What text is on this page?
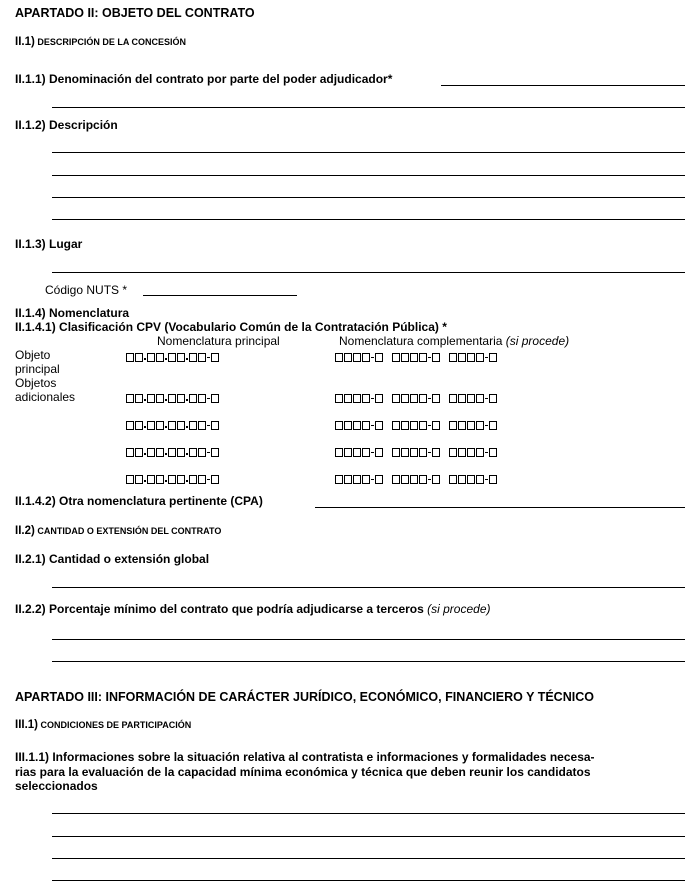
APARTADO II: OBJETO DEL CONTRATO
II.1) DESCRIPCIÓN DE LA CONCESIÓN
II.1.1) Denominación del contrato por parte del poder adjudicador*
II.1.2) Descripción
II.1.3) Lugar
Código NUTS *
II.1.4) Nomenclatura
II.1.4.1) Clasificación CPV (Vocabulario Común de la Contratación Pública) *
Nomenclatura principal	Nomenclatura complementaria (si procede)
Objeto
principal
Objetos
adicionales
II.1.4.2) Otra nomenclatura pertinente (CPA)
II.2) CANTIDAD O EXTENSIÓN DEL CONTRATO
II.2.1) Cantidad o extensión global
II.2.2) Porcentaje mínimo del contrato que podría adjudicarse a terceros (si procede)
APARTADO III: INFORMACIÓN DE CARÁCTER JURÍDICO, ECONÓMICO, FINANCIERO Y TÉCNICO
III.1) CONDICIONES DE PARTICIPACIÓN
III.1.1) Informaciones sobre la situación relativa al contratista e informaciones y formalidades necesa-
rias para la evaluación de la capacidad mínima económica y técnica que deben reunir los candidatos
seleccionados
